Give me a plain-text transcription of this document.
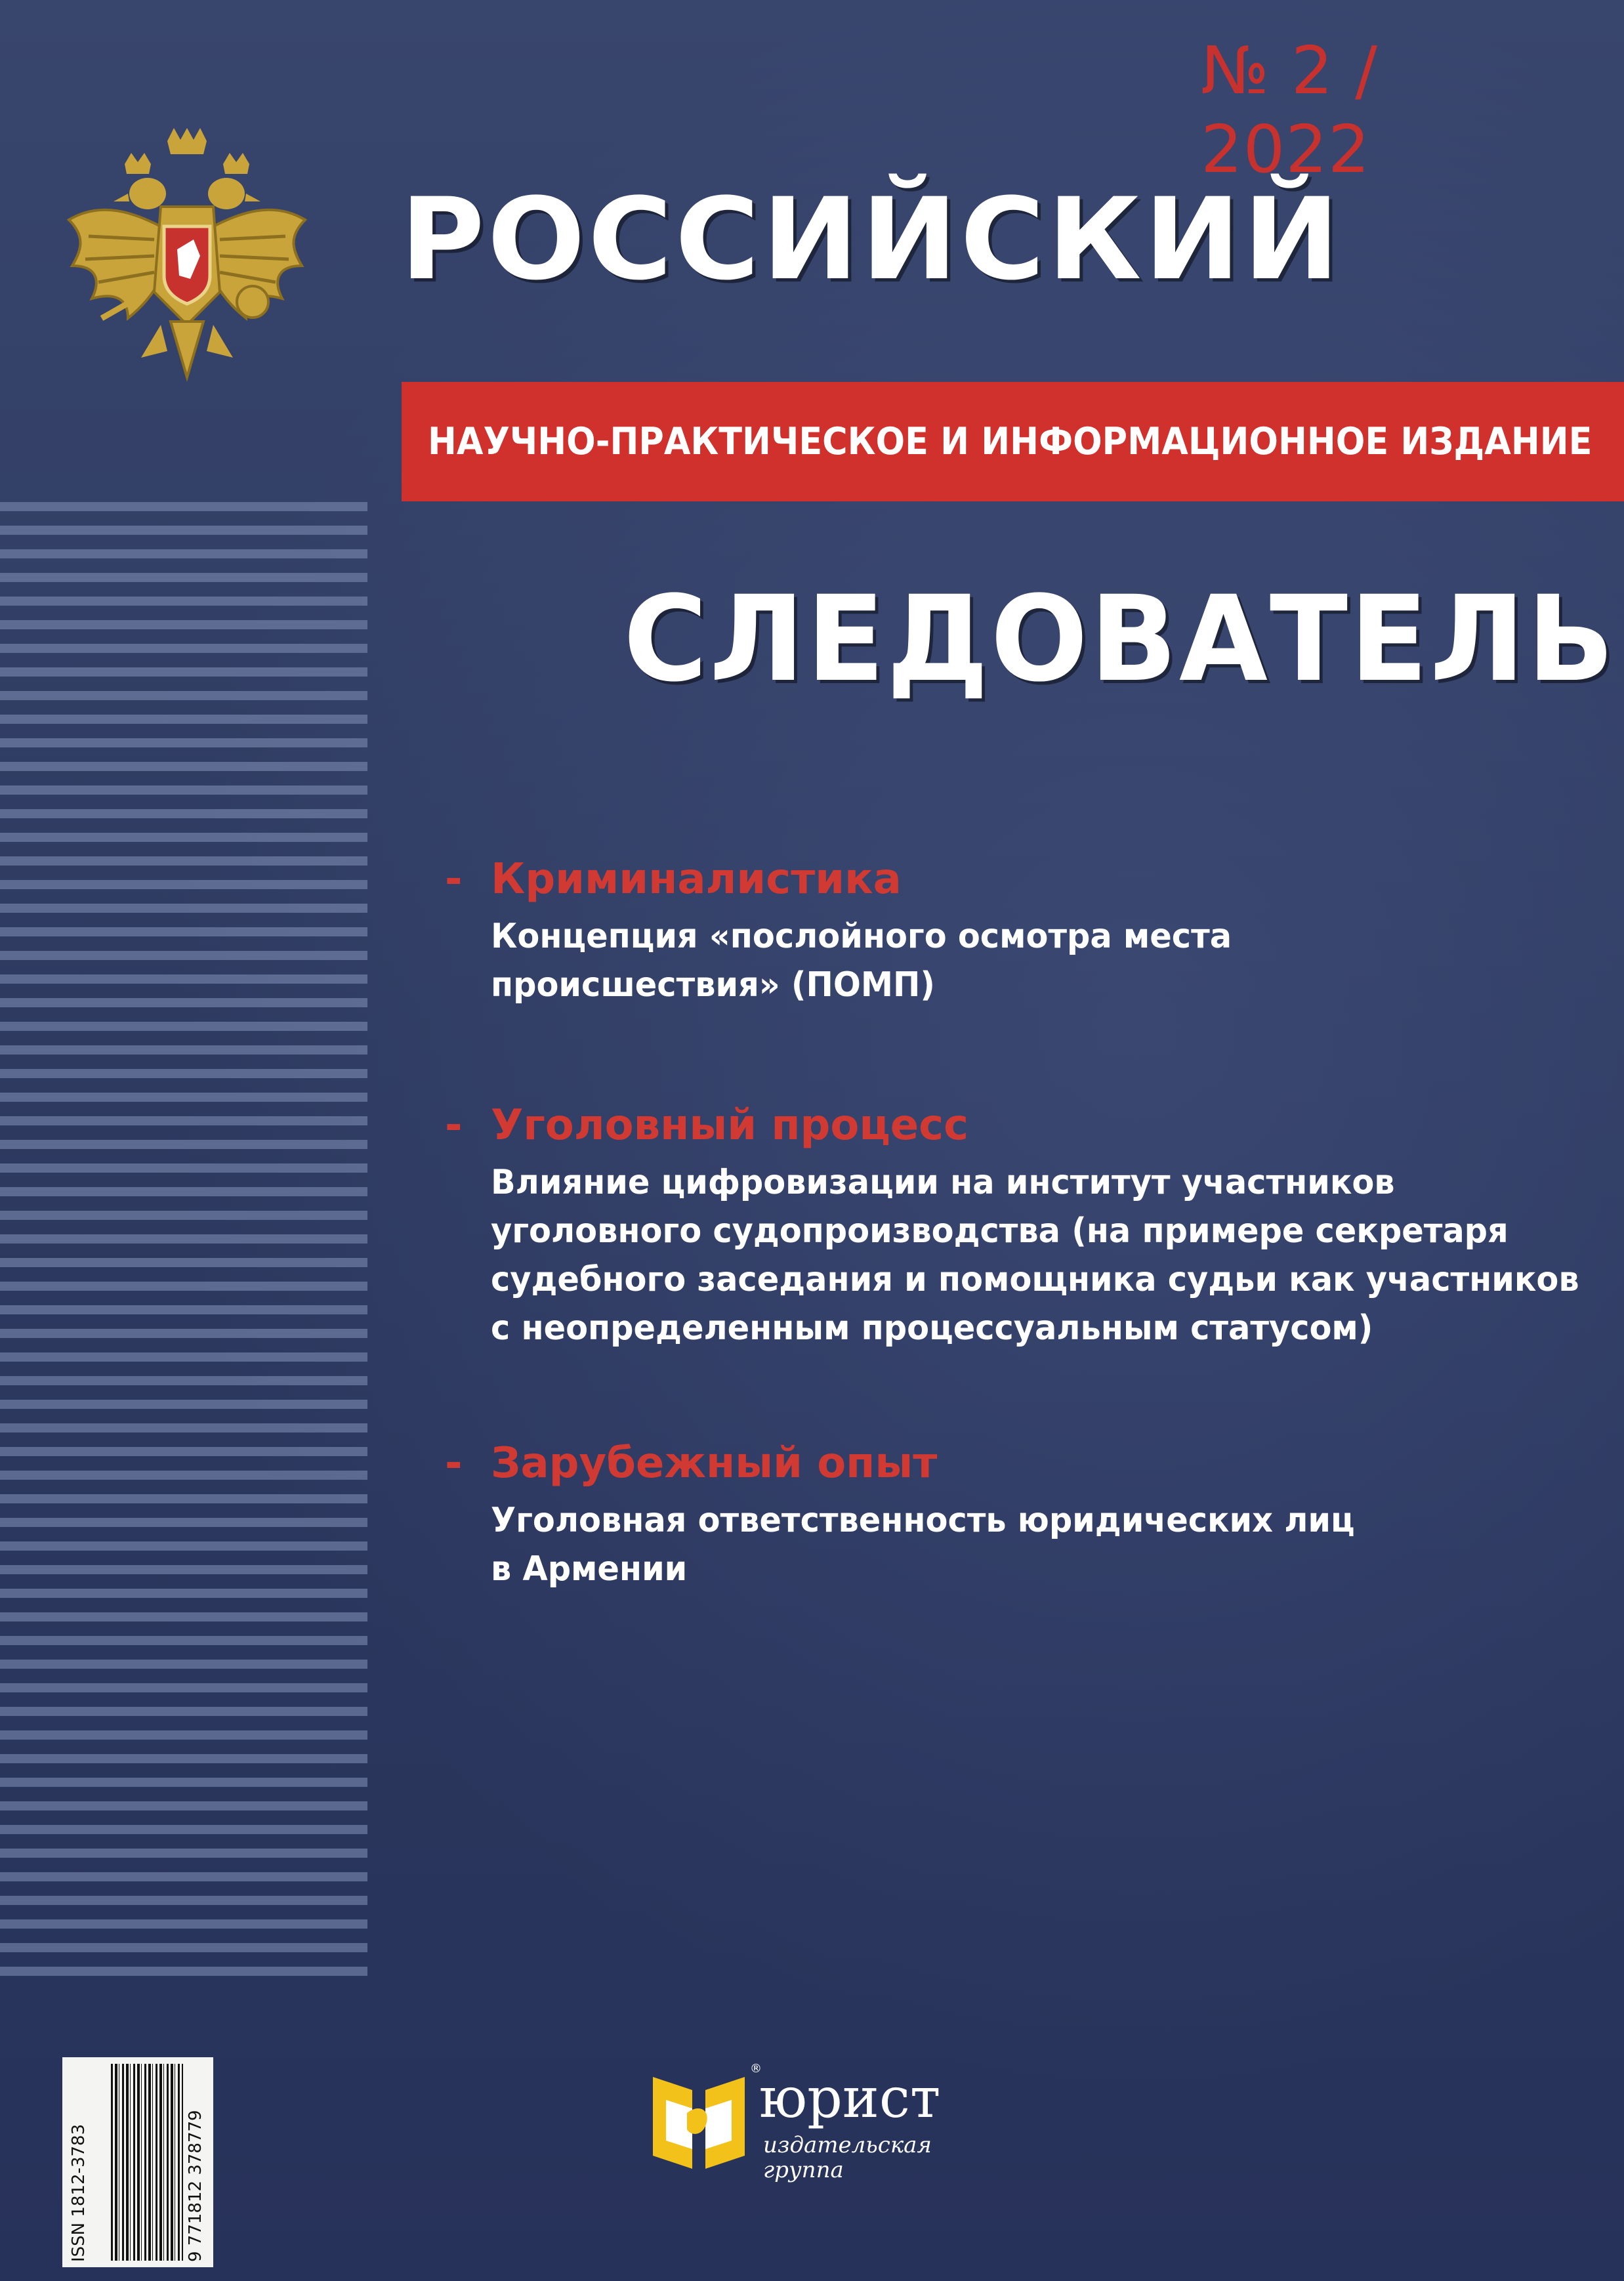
№ 2 / 2022
РОССИЙСКИЙ
НАУЧНО-ПРАКТИЧЕСКОЕ И ИНФОРМАЦИОННОЕ ИЗДАНИЕ
СЛЕДОВАТЕЛЬ
- Криминалистика
Концепция «послойного осмотра места
происшествия» (ПОМП)
- Уголовный процесс
Влияние цифровизации на институт участников
уголовного судопроизводства (на примере секретаря
судебного заседания и помощника судьи как участников
с неопределенным процессуальным статусом)
- Зарубежный опыт
Уголовная ответственность юридических лиц
в Армении
ISSN 1812-3783	9 771812 378779
®
юрист
издательская
группа
